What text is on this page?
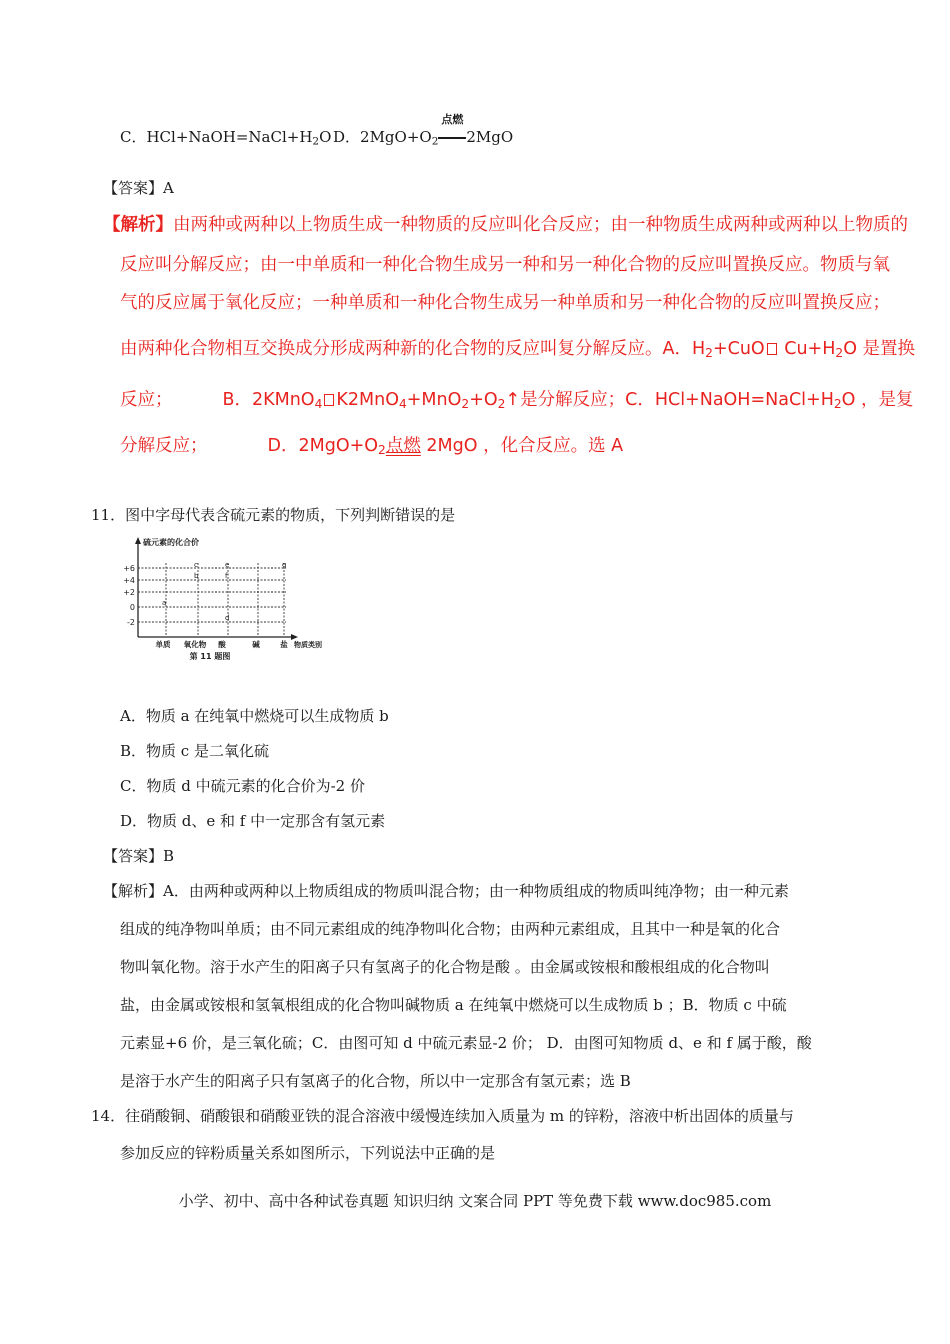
C．$HCl+NaOH=NaCl+H_2O$ D．$2MgO+O_2$
点燃
2MgO
【答案】A
【解析】由两种或两种以上物质生成一种物质的反应叫化合反应；由一种物质生成两种或两种以上物质的
反应叫分解反应；由一中单质和一种化合物生成另一种和另一种化合物的反应叫置换反应。物质与氧
气的反应属于氧化反应；一种单质和一种化合物生成另一种单质和另一种化合物的反应叫置换反应；
由两种化合物相互交换成分形成两种新的化合物的反应叫复分解反应。A．$H_2+CuO$ $Cu+H_2O$ 是置换
反应；	B．2KMnO$_4$ $K2MnO_4+MnO_2+O_2↑$是分解反应；C．$HCl+NaOH=NaCl+H_2O$ ，是复
分解反应；	D．$2MgO+O_2$点燃 2MgO ，化合反应。选 A
11．图中字母代表含硫元素的物质，下列判断错误的是
硫元素的化合价
+6
+4
+2
0
-2
c	e	g
a
b	f
d
单质 氧化物 酸	碱	盐 物质类别
第 11 题图
A．物质 a 在纯氧中燃烧可以生成物质 b
B．物质 c 是二氧化硫
C．物质 d 中硫元素的化合价为-2 价
D．物质 d、e 和 f 中一定那含有氢元素
【答案】B
【解析】A．由两种或两种以上物质组成的物质叫混合物；由一种物质组成的物质叫纯净物；由一种元素
组成的纯净物叫单质；由不同元素组成的纯净物叫化合物；由两种元素组成，且其中一种是氧的化合
物叫氧化物。溶于水产生的阳离子只有氢离子的化合物是酸 。由金属或铵根和酸根组成的化合物叫
盐，由金属或铵根和氢氧根组成的化合物叫碱物质 a 在纯氧中燃烧可以生成物质 b ；B．物质 c 中硫
元素显+6 价，是三氧化硫；C．由图可知 d 中硫元素显-2 价； D．由图可知物质 d、e 和 f 属于酸，酸
是溶于水产生的阳离子只有氢离子的化合物，所以中一定那含有氢元素；选 B
14．往硝酸铜、硝酸银和硝酸亚铁的混合溶液中缓慢连续加入质量为 m 的锌粉，溶液中析出固体的质量与
参加反应的锌粉质量关系如图所示，下列说法中正确的是
小学、初中、高中各种试卷真题 知识归纳 文案合同 PPT 等免费下载 www.doc985.com
